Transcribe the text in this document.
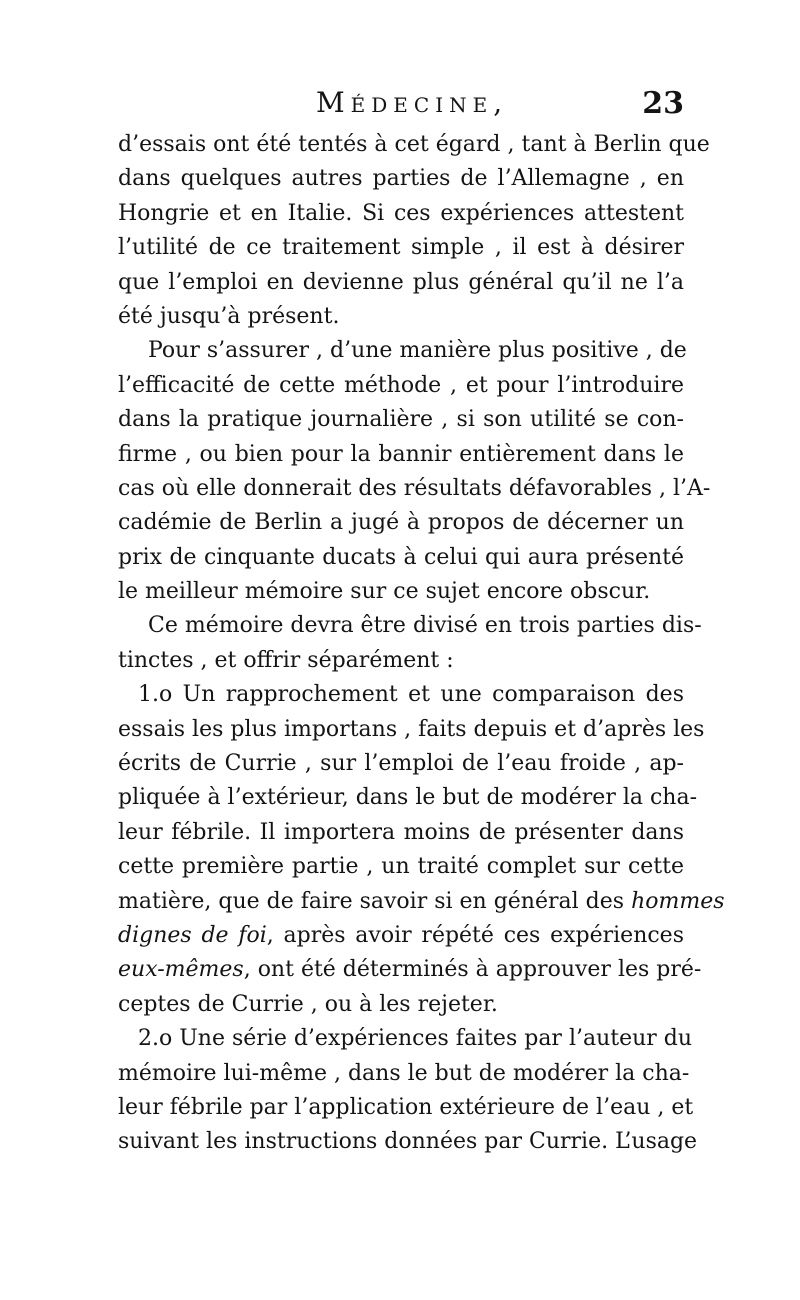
Médecine,	23
d’essais ont été tentés à cet égard , tant à Berlin que
dans quelques autres parties de l’Allemagne , en
Hongrie et en Italie. Si ces expériences attestent
l’utilité de ce traitement simple , il est à désirer
que l’emploi en devienne plus général qu’il ne l’a
été jusqu’à présent.
Pour s’assurer , d’une manière plus positive , de
l’efficacité de cette méthode , et pour l’introduire
dans la pratique journalière , si son utilité se con-
firme , ou bien pour la bannir entièrement dans le
cas où elle donnerait des résultats défavorables , l’A-
cadémie de Berlin a jugé à propos de décerner un
prix de cinquante ducats à celui qui aura présenté
le meilleur mémoire sur ce sujet encore obscur.
Ce mémoire devra être divisé en trois parties dis-
tinctes , et offrir séparément :
1.o Un rapprochement et une comparaison des
essais les plus importans , faits depuis et d’après les
écrits de Currie , sur l’emploi de l’eau froide , ap-
pliquée à l’extérieur, dans le but de modérer la cha-
leur fébrile. Il importera moins de présenter dans
cette première partie , un traité complet sur cette
matière, que de faire savoir si en général des hommes
dignes de foi, après avoir répété ces expériences
eux-mêmes, ont été déterminés à approuver les pré-
ceptes de Currie , ou à les rejeter.
2.o Une série d’expériences faites par l’auteur du
mémoire lui-même , dans le but de modérer la cha-
leur fébrile par l’application extérieure de l’eau , et
suivant les instructions données par Currie. L’usage
